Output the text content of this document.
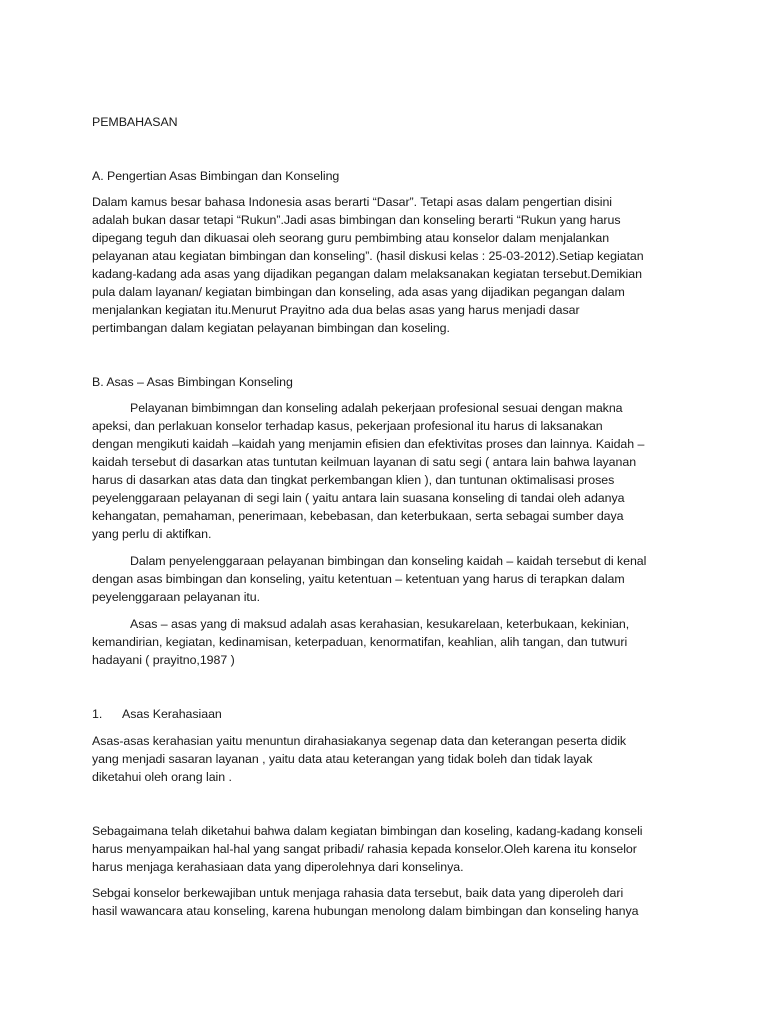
PEMBAHASAN

A. Pengertian Asas Bimbingan dan Konseling

Dalam kamus besar bahasa Indonesia asas berarti “Dasar”. Tetapi asas dalam pengertian disini
adalah bukan dasar tetapi “Rukun”.Jadi asas bimbingan dan konseling berarti “Rukun yang harus
dipegang teguh dan dikuasai oleh seorang guru pembimbing atau konselor dalam menjalankan
pelayanan atau kegiatan bimbingan dan konseling”. (hasil diskusi kelas : 25-03-2012).Setiap kegiatan
kadang-kadang ada asas yang dijadikan pegangan dalam melaksanakan kegiatan tersebut.Demikian
pula dalam layanan/ kegiatan bimbingan dan konseling, ada asas yang dijadikan pegangan dalam
menjalankan kegiatan itu.Menurut Prayitno ada dua belas asas yang harus menjadi dasar
pertimbangan dalam kegiatan pelayanan bimbingan dan koseling.

B. Asas – Asas Bimbingan Konseling

Pelayanan bimbimngan dan konseling adalah pekerjaan profesional sesuai dengan makna
apeksi, dan perlakuan konselor terhadap kasus, pekerjaan profesional itu harus di laksanakan
dengan mengikuti kaidah –kaidah yang menjamin efisien dan efektivitas proses dan lainnya. Kaidah –
kaidah tersebut di dasarkan atas tuntutan keilmuan layanan di satu segi ( antara lain bahwa layanan
harus di dasarkan atas data dan tingkat perkembangan klien ), dan tuntunan oktimalisasi proses
peyelenggaraan pelayanan di segi lain ( yaitu antara lain suasana konseling di tandai oleh adanya
kehangatan, pemahaman, penerimaan, kebebasan, dan keterbukaan, serta sebagai sumber daya
yang perlu di aktifkan.

Dalam penyelenggaraan pelayanan bimbingan dan konseling kaidah – kaidah tersebut di kenal
dengan asas bimbingan dan konseling, yaitu ketentuan – ketentuan yang harus di terapkan dalam
peyelenggaraan pelayanan itu.

Asas – asas yang di maksud adalah asas kerahasian, kesukarelaan, keterbukaan, kekinian,
kemandirian, kegiatan, kedinamisan, keterpaduan, kenormatifan, keahlian, alih tangan, dan tutwuri
hadayani ( prayitno,1987 )

1. Asas Kerahasiaan

Asas-asas kerahasian yaitu menuntun dirahasiakanya segenap data dan keterangan peserta didik
yang menjadi sasaran layanan , yaitu data atau keterangan yang tidak boleh dan tidak layak
diketahui oleh orang lain .

Sebagaimana telah diketahui bahwa dalam kegiatan bimbingan dan koseling, kadang-kadang konseli
harus menyampaikan hal-hal yang sangat pribadi/ rahasia kepada konselor.Oleh karena itu konselor
harus menjaga kerahasiaan data yang diperolehnya dari konselinya.

Sebgai konselor berkewajiban untuk menjaga rahasia data tersebut, baik data yang diperoleh dari
hasil wawancara atau konseling, karena hubungan menolong dalam bimbingan dan konseling hanya
